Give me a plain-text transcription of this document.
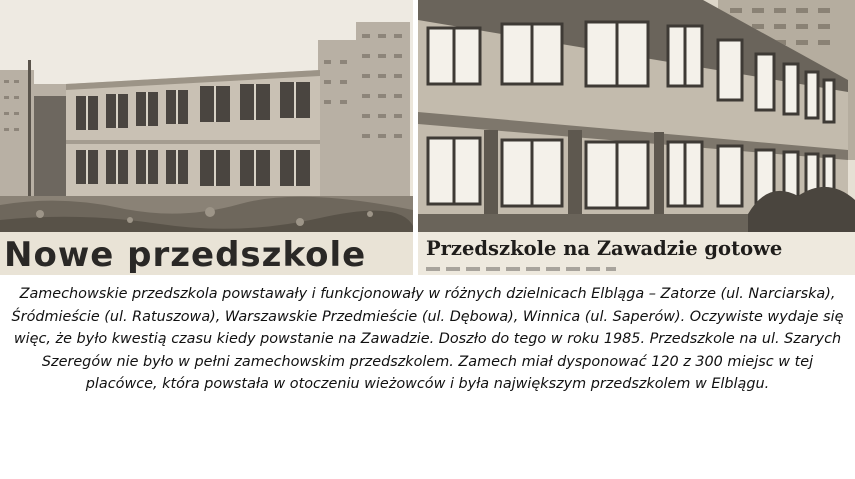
Nowe przedszkole	Przedszkole na Zawadzie gotowe
Zamechowskie przedszkola powstawały i funkcjonowały w różnych dzielnicach Elbląga – Zatorze (ul. Narciarska), Śródmieście (ul. Ratuszowa), Warszawskie Przedmieście (ul. Dębowa), Winnica (ul. Saperów). Oczywiste wydaje się więc, że było kwestią czasu kiedy powstanie na Zawadzie. Doszło do tego w roku 1985. Przedszkole na ul. Szarych Szeregów nie było w pełni zamechowskim przedszkolem. Zamech miał dysponować 120 z 300 miejsc w tej placówce, która powstała w otoczeniu wieżowców i była największym przedszkolem w Elblągu.
